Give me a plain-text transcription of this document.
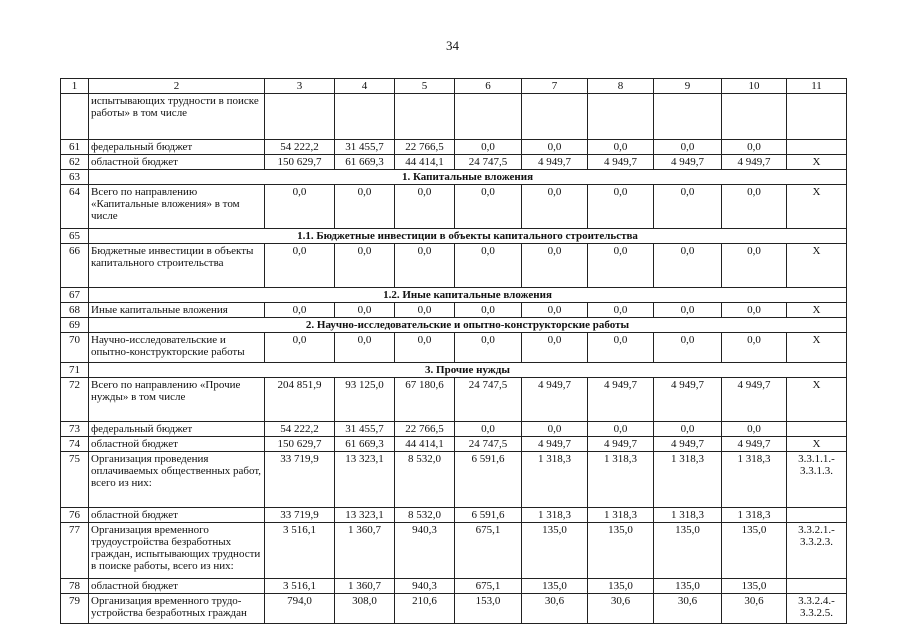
34
1	2	3	4	5	6	7	8	9	10	11
	испытывающих трудности в поиске работы» в том числе									
61	федеральный бюджет	54 222,2	31 455,7	22 766,5	0,0	0,0	0,0	0,0	0,0	
62	областной бюджет	150 629,7	61 669,3	44 414,1	24 747,5	4 949,7	4 949,7	4 949,7	4 949,7	Х
63	1. Капитальные вложения									
64	Всего по направлению «Капитальные вложения» в том числе	0,0	0,0	0,0	0,0	0,0	0,0	0,0	0,0	Х
65	1.1. Бюджетные инвестиции в объекты капитального строительства									
66	Бюджетные инвестиции в объекты капитального строительства	0,0	0,0	0,0	0,0	0,0	0,0	0,0	0,0	Х
67	1.2. Иные капитальные вложения									
68	Иные капитальные вложения	0,0	0,0	0,0	0,0	0,0	0,0	0,0	0,0	Х
69	2. Научно-исследовательские и опытно-конструкторские работы									
70	Научно-исследовательские и опытно-конструкторские работы	0,0	0,0	0,0	0,0	0,0	0,0	0,0	0,0	Х
71	3. Прочие нужды									
72	Всего по направлению «Прочие нужды» в том числе	204 851,9	93 125,0	67 180,6	24 747,5	4 949,7	4 949,7	4 949,7	4 949,7	Х
73	федеральный бюджет	54 222,2	31 455,7	22 766,5	0,0	0,0	0,0	0,0	0,0	
74	областной бюджет	150 629,7	61 669,3	44 414,1	24 747,5	4 949,7	4 949,7	4 949,7	4 949,7	Х
75	Организация проведения оплачиваемых общественных работ, всего из них:	33 719,9	13 323,1	8 532,0	6 591,6	1 318,3	1 318,3	1 318,3	1 318,3	3.3.1.1.- 3.3.1.3.
76	областной бюджет	33 719,9	13 323,1	8 532,0	6 591,6	1 318,3	1 318,3	1 318,3	1 318,3	
77	Организация временного трудоустройства безработных граждан, испытывающих трудности в поиске работы, всего из них:	3 516,1	1 360,7	940,3	675,1	135,0	135,0	135,0	135,0	3.3.2.1.- 3.3.2.3.
78	областной бюджет	3 516,1	1 360,7	940,3	675,1	135,0	135,0	135,0	135,0	
79	Организация временного трудо- устройства безработных граждан	794,0	308,0	210,6	153,0	30,6	30,6	30,6	30,6	3.3.2.4.- 3.3.2.5.
